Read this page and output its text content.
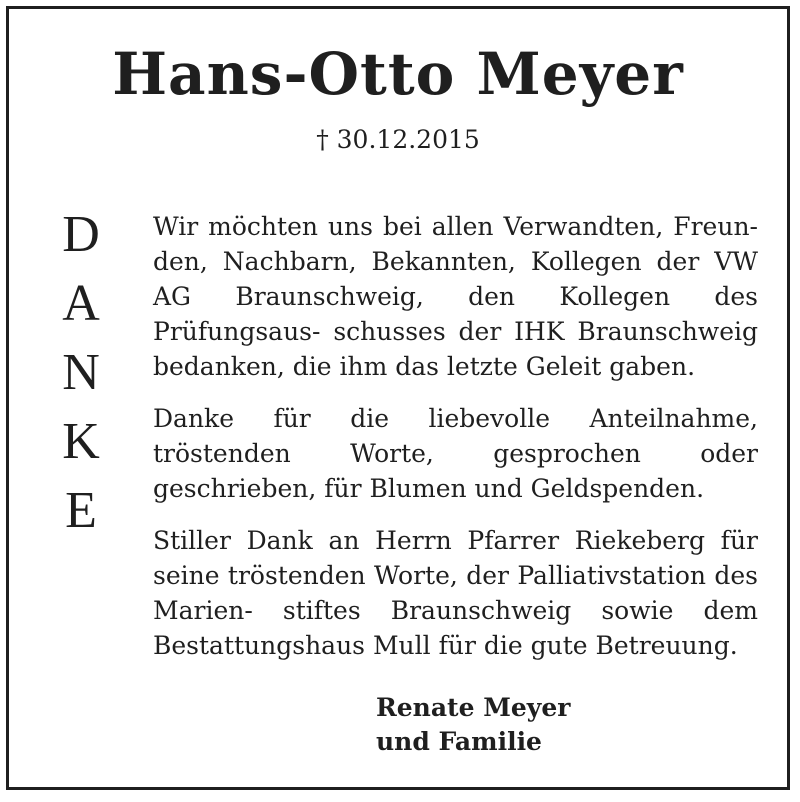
Hans-Otto Meyer
† 30.12.2015
D
A
N
K
E

Wir möchten uns bei allen Verwandten, Freun- den, Nachbarn, Bekannten, Kollegen der VW AG Braunschweig, den Kollegen des Prüfungsaus- schusses der IHK Braunschweig bedanken, die ihm das letzte Geleit gaben.

Danke für die liebevolle Anteilnahme, tröstenden Worte, gesprochen oder geschrieben, für Blumen und Geldspenden.

Stiller Dank an Herrn Pfarrer Riekeberg für seine tröstenden Worte, der Palliativstation des Marien- stiftes Braunschweig sowie dem Bestattungshaus Mull für die gute Betreuung.

Renate Meyer
und Familie
